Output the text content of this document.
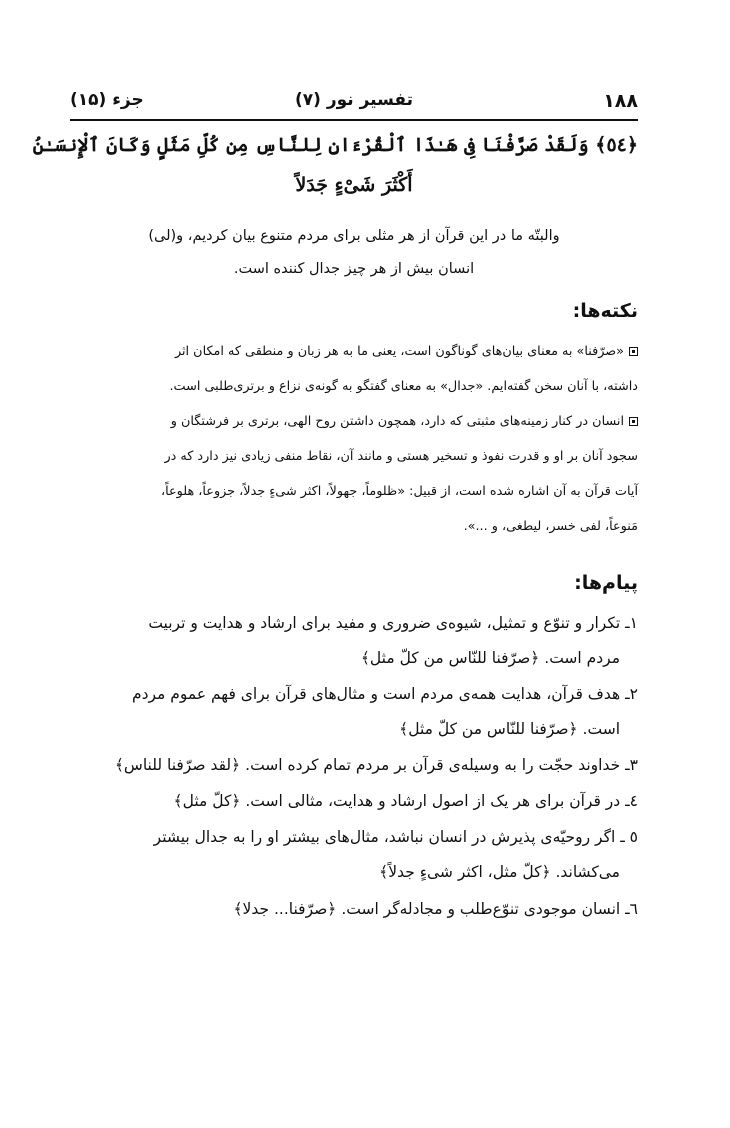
۱۸۸
تفسیر نور (۷)
جزء (۱۵)
﴿٥٤﴾ وَلَقَدْ صَرَّفْنَا فِى هَـٰذَا ٱلْقُرْءَانِ لِلنَّاسِ مِن كُلِّ مَثَلٍ وَكَانَ ٱلْإِنسَـٰنُ
أَكْثَرَ شَىْءٍ جَدَلاً
والبتّه ما در این قرآن از هر مثلی برای مردم متنوع بیان کردیم، و(لی)
انسان بیش از هر چیز جدال کننده است.
نکته‌ها:
«صرّفنا» به معنای بیان‌های گوناگون است، یعنی ما به هر زبان و منطقی که امکان اثر
داشته، با آنان سخن گفته‌ایم. «جدال» به معنای گفتگو به گونه‌ی نزاع و برتری‌طلبی است.
انسان در کنار زمینه‌های مثبتی که دارد، همچون داشتن روح الهی، برتری بر فرشتگان و
سجود آنان بر او و قدرت نفوذ و تسخیر هستی و مانند آن، نقاط منفی زیادی نیز دارد که در
آیات قرآن به آن اشاره شده است، از قبیل: «ظلوماً، جهولاً، اکثر شیءٍ جدلاً، جزوعاً، هلوعاً،
مَنوعاً، لفی خسر، لیطغی، و ...».
پیام‌ها:
۱ـ تکرار و تنوّع و تمثیل، شیوه‌ی ضروری و مفید برای ارشاد و هدایت و تربیت
مردم است. ﴿صرّفنا للنّاس من کلّ مثل﴾
۲ـ هدف قرآن، هدایت همه‌ی مردم است و مثال‌های قرآن برای فهم عموم مردم
است. ﴿صرّفنا للنّاس من کلّ مثل﴾
۳ـ خداوند حجّت را به وسیله‌ی قرآن بر مردم تمام کرده است. ﴿لقد صرّفنا للناس﴾
٤ـ در قرآن برای هر یک از اصول ارشاد و هدایت، مثالی است. ﴿کلّ مثل﴾
٥ ـ اگر روحیّه‌ی پذیرش در انسان نباشد، مثال‌های بیشتر او را به جدال بیشتر
می‌کشاند. ﴿کلّ مثل، اکثر شیءٍ جدلاً﴾
٦ـ انسان موجودی تنوّع‌طلب و مجادله‌گر است. ﴿صرّفنا... جدلا﴾
